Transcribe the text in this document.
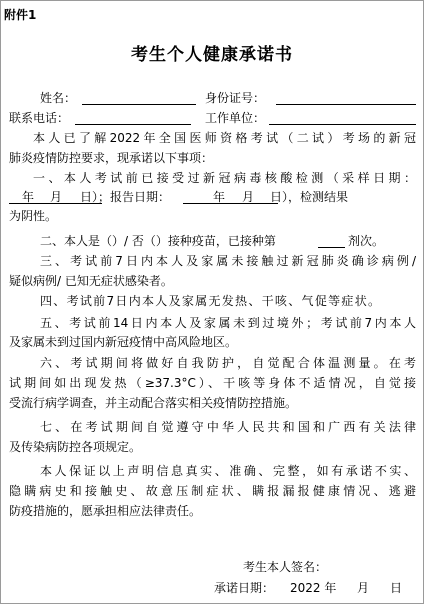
附件1
考生个人健康承诺书
姓名：	身份证号：
联系电话：	工作单位：
本人已了解2022年全国医师资格考试（二试）考场的新冠
肺炎疫情防控要求，现承诺以下事项：
一、本人考试前已接受过新冠病毒核酸检测（采样日期：
年 月 日）；报告日期：	年 月 日），检测结果
为阴性。
二、本人是（）/ 否（）接种疫苗，已接种第	剂次。
三、考试前7日内本人及家属未接触过新冠肺炎确诊病例/
疑似病例/ 已知无症状感染者。
四、考试前7日内本人及家属无发热、干咳、气促等症状。
五、考试前14日内本人及家属未到过境外；考试前7内本人
及家属未到过国内新冠疫情中高风险地区。
六、考试期间将做好自我防护，自觉配合体温测量。在考
试期间如出现发热（≥37.3°C）、干咳等身体不适情况，自觉接
受流行病学调查，并主动配合落实相关疫情防控措施。
七、在考试期间自觉遵守中华人民共和国和广西有关法律
及传染病防控各项规定。
本人保证以上声明信息真实、准确、完整，如有承诺不实、
隐瞒病史和接触史、故意压制症状、瞒报漏报健康情况、逃避
防疫措施的，愿承担相应法律责任。
考生本人签名：
承诺日期： 2022 年 月 日
